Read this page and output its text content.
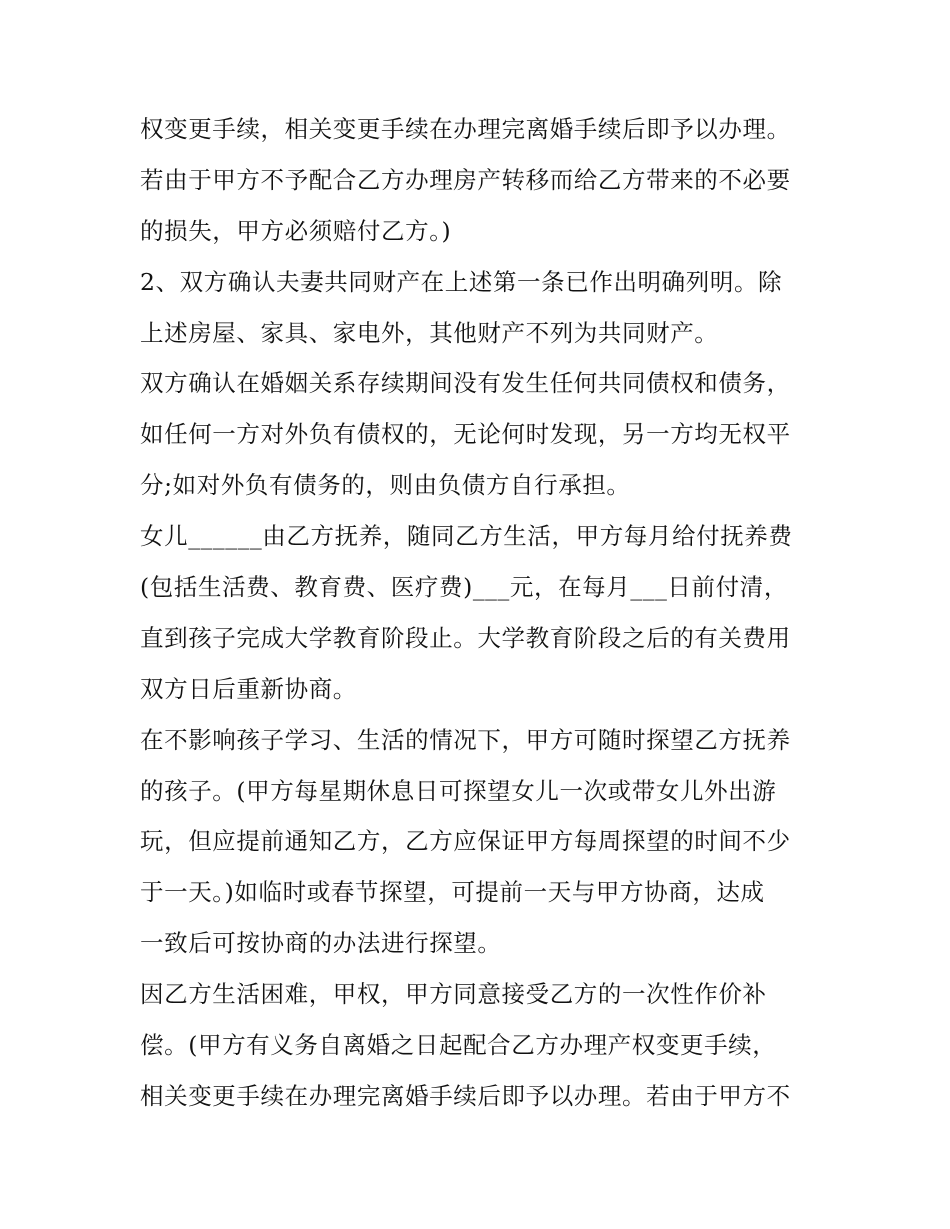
权变更手续，相关变更手续在办理完离婚手续后即予以办理。
若由于甲方不予配合乙方办理房产转移而给乙方带来的不必要
的损失，甲方必须赔付乙方。)
2、双方确认夫妻共同财产在上述第一条已作出明确列明。除
上述房屋、家具、家电外，其他财产不列为共同财产。
双方确认在婚姻关系存续期间没有发生任何共同债权和债务，
如任何一方对外负有债权的，无论何时发现，另一方均无权平
分;如对外负有债务的，则由负债方自行承担。
女儿______由乙方抚养，随同乙方生活，甲方每月给付抚养费
(包括生活费、教育费、医疗费)___元，在每月___日前付清，
直到孩子完成大学教育阶段止。大学教育阶段之后的有关费用
双方日后重新协商。
在不影响孩子学习、生活的情况下，甲方可随时探望乙方抚养
的孩子。(甲方每星期休息日可探望女儿一次或带女儿外出游
玩，但应提前通知乙方，乙方应保证甲方每周探望的时间不少
于一天。)如临时或春节探望，可提前一天与甲方协商，达成
一致后可按协商的办法进行探望。
因乙方生活困难，甲权，甲方同意接受乙方的一次性作价补
偿。(甲方有义务自离婚之日起配合乙方办理产权变更手续，
相关变更手续在办理完离婚手续后即予以办理。若由于甲方不
